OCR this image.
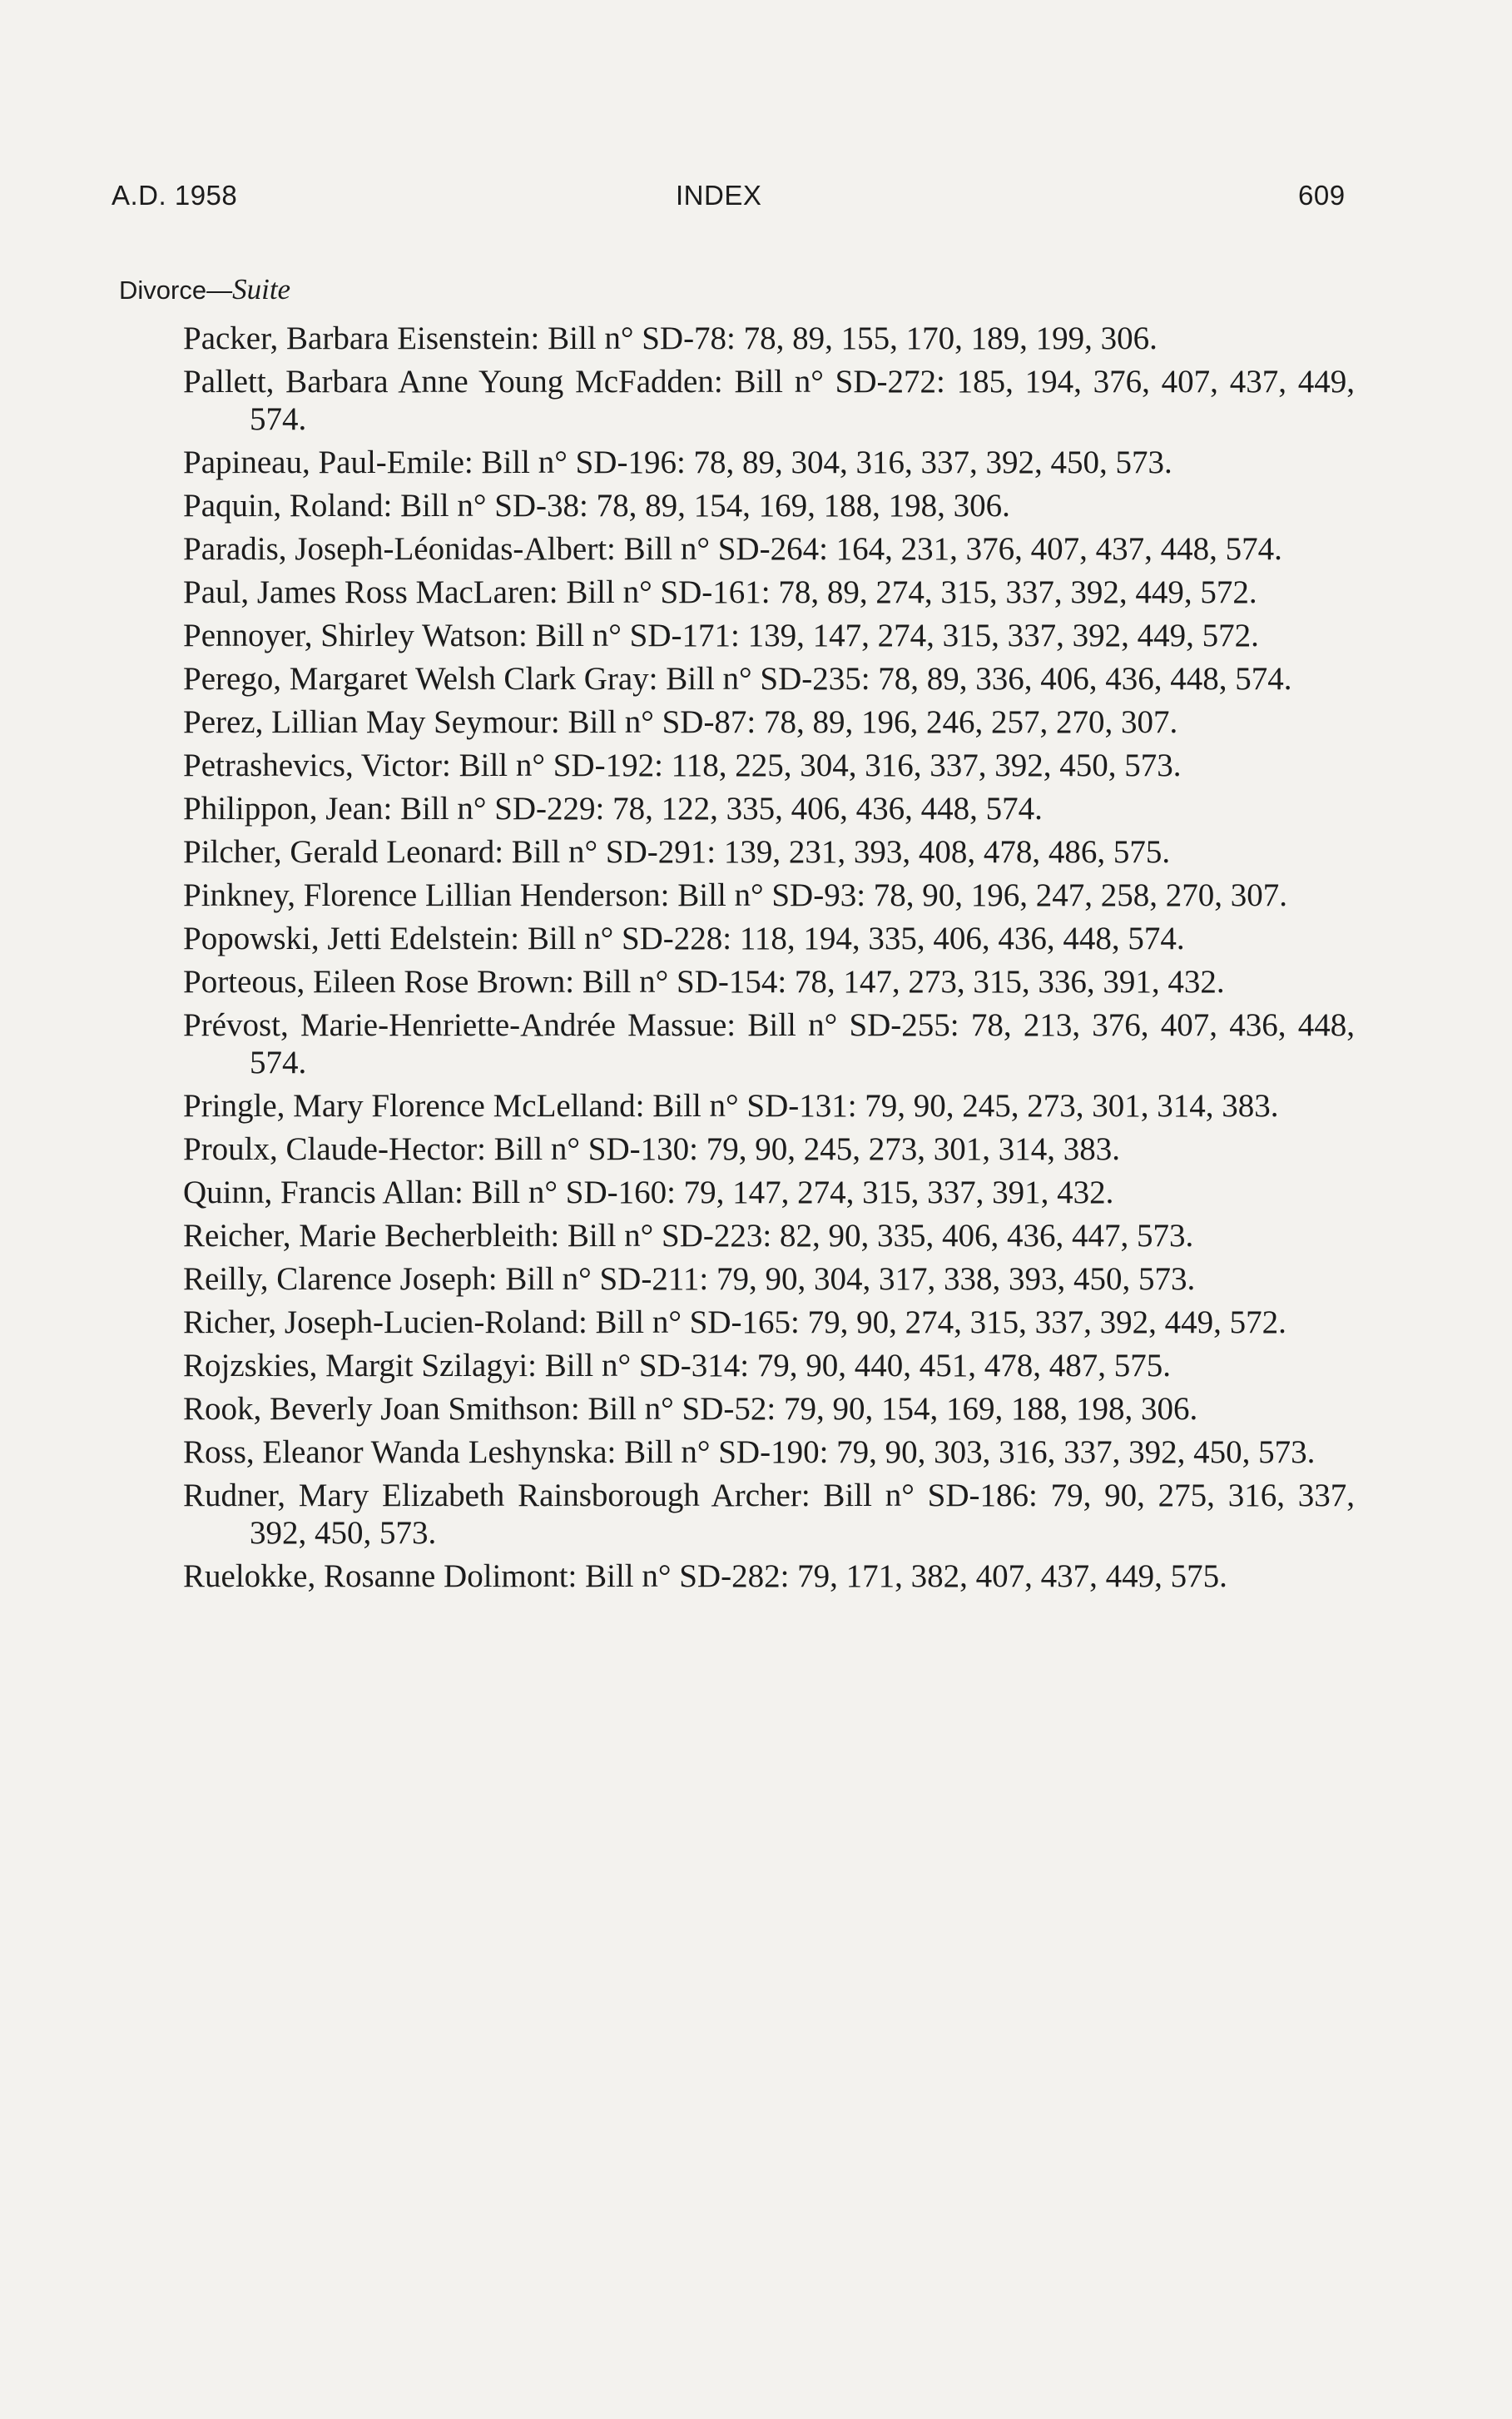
A.D. 1958	INDEX	609
Divorce—Suite

Packer, Barbara Eisenstein: Bill n° SD-78: 78, 89, 155, 170, 189, 199, 306.

Pallett, Barbara Anne Young McFadden: Bill n° SD-272: 185, 194, 376, 407, 437, 449, 574.

Papineau, Paul-Emile: Bill n° SD-196: 78, 89, 304, 316, 337, 392, 450, 573.

Paquin, Roland: Bill n° SD-38: 78, 89, 154, 169, 188, 198, 306.

Paradis, Joseph-Léonidas-Albert: Bill n° SD-264: 164, 231, 376, 407, 437, 448, 574.

Paul, James Ross MacLaren: Bill n° SD-161: 78, 89, 274, 315, 337, 392, 449, 572.

Pennoyer, Shirley Watson: Bill n° SD-171: 139, 147, 274, 315, 337, 392, 449, 572.

Perego, Margaret Welsh Clark Gray: Bill n° SD-235: 78, 89, 336, 406, 436, 448, 574.

Perez, Lillian May Seymour: Bill n° SD-87: 78, 89, 196, 246, 257, 270, 307.

Petrashevics, Victor: Bill n° SD-192: 118, 225, 304, 316, 337, 392, 450, 573.

Philippon, Jean: Bill n° SD-229: 78, 122, 335, 406, 436, 448, 574.

Pilcher, Gerald Leonard: Bill n° SD-291: 139, 231, 393, 408, 478, 486, 575.

Pinkney, Florence Lillian Henderson: Bill n° SD-93: 78, 90, 196, 247, 258, 270, 307.

Popowski, Jetti Edelstein: Bill n° SD-228: 118, 194, 335, 406, 436, 448, 574.

Porteous, Eileen Rose Brown: Bill n° SD-154: 78, 147, 273, 315, 336, 391, 432.

Prévost, Marie-Henriette-Andrée Massue: Bill n° SD-255: 78, 213, 376, 407, 436, 448, 574.

Pringle, Mary Florence McLelland: Bill n° SD-131: 79, 90, 245, 273, 301, 314, 383.

Proulx, Claude-Hector: Bill n° SD-130: 79, 90, 245, 273, 301, 314, 383.

Quinn, Francis Allan: Bill n° SD-160: 79, 147, 274, 315, 337, 391, 432.

Reicher, Marie Becherbleith: Bill n° SD-223: 82, 90, 335, 406, 436, 447, 573.

Reilly, Clarence Joseph: Bill n° SD-211: 79, 90, 304, 317, 338, 393, 450, 573.

Richer, Joseph-Lucien-Roland: Bill n° SD-165: 79, 90, 274, 315, 337, 392, 449, 572.

Rojzskies, Margit Szilagyi: Bill n° SD-314: 79, 90, 440, 451, 478, 487, 575.

Rook, Beverly Joan Smithson: Bill n° SD-52: 79, 90, 154, 169, 188, 198, 306.

Ross, Eleanor Wanda Leshynska: Bill n° SD-190: 79, 90, 303, 316, 337, 392, 450, 573.

Rudner, Mary Elizabeth Rainsborough Archer: Bill n° SD-186: 79, 90, 275, 316, 337, 392, 450, 573.

Ruelokke, Rosanne Dolimont: Bill n° SD-282: 79, 171, 382, 407, 437, 449, 575.
